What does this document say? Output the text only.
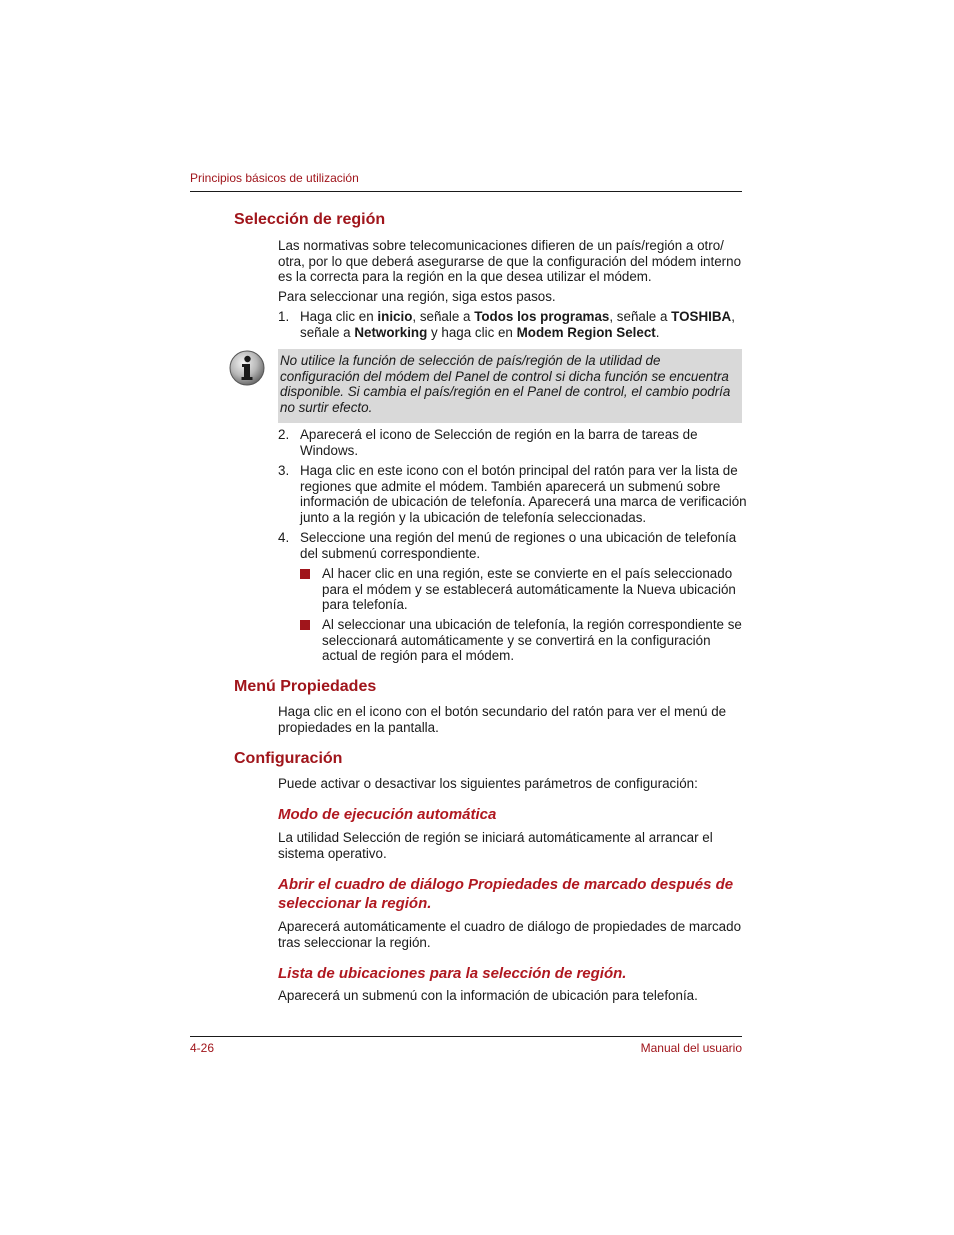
Principios básicos de utilización
Selección de región
Las normativas sobre telecomunicaciones difieren de un país/región a otro/ otra, por lo que deberá asegurarse de que la configuración del módem interno es la correcta para la región en la que desea utilizar el módem.
Para seleccionar una región, siga estos pasos.
1. Haga clic en inicio, señale a Todos los programas, señale a TOSHIBA, señale a Networking y haga clic en Modem Region Select.
No utilice la función de selección de país/región de la utilidad de configuración del módem del Panel de control si dicha función se encuentra disponible. Si cambia el país/región en el Panel de control, el cambio podría no surtir efecto.
2. Aparecerá el icono de Selección de región en la barra de tareas de Windows.
3. Haga clic en este icono con el botón principal del ratón para ver la lista de regiones que admite el módem. También aparecerá un submenú sobre información de ubicación de telefonía. Aparecerá una marca de verificación junto a la región y la ubicación de telefonía seleccionadas.
4. Seleccione una región del menú de regiones o una ubicación de telefonía del submenú correspondiente.
Al hacer clic en una región, este se convierte en el país seleccionado para el módem y se establecerá automáticamente la Nueva ubicación para telefonía.
Al seleccionar una ubicación de telefonía, la región correspondiente se seleccionará automáticamente y se convertirá en la configuración actual de región para el módem.
Menú Propiedades
Haga clic en el icono con el botón secundario del ratón para ver el menú de propiedades en la pantalla.
Configuración
Puede activar o desactivar los siguientes parámetros de configuración:
Modo de ejecución automática
La utilidad Selección de región se iniciará automáticamente al arrancar el sistema operativo.
Abrir el cuadro de diálogo Propiedades de marcado después de seleccionar la región.
Aparecerá automáticamente el cuadro de diálogo de propiedades de marcado tras seleccionar la región.
Lista de ubicaciones para la selección de región.
Aparecerá un submenú con la información de ubicación para telefonía.
4-26	Manual del usuario
